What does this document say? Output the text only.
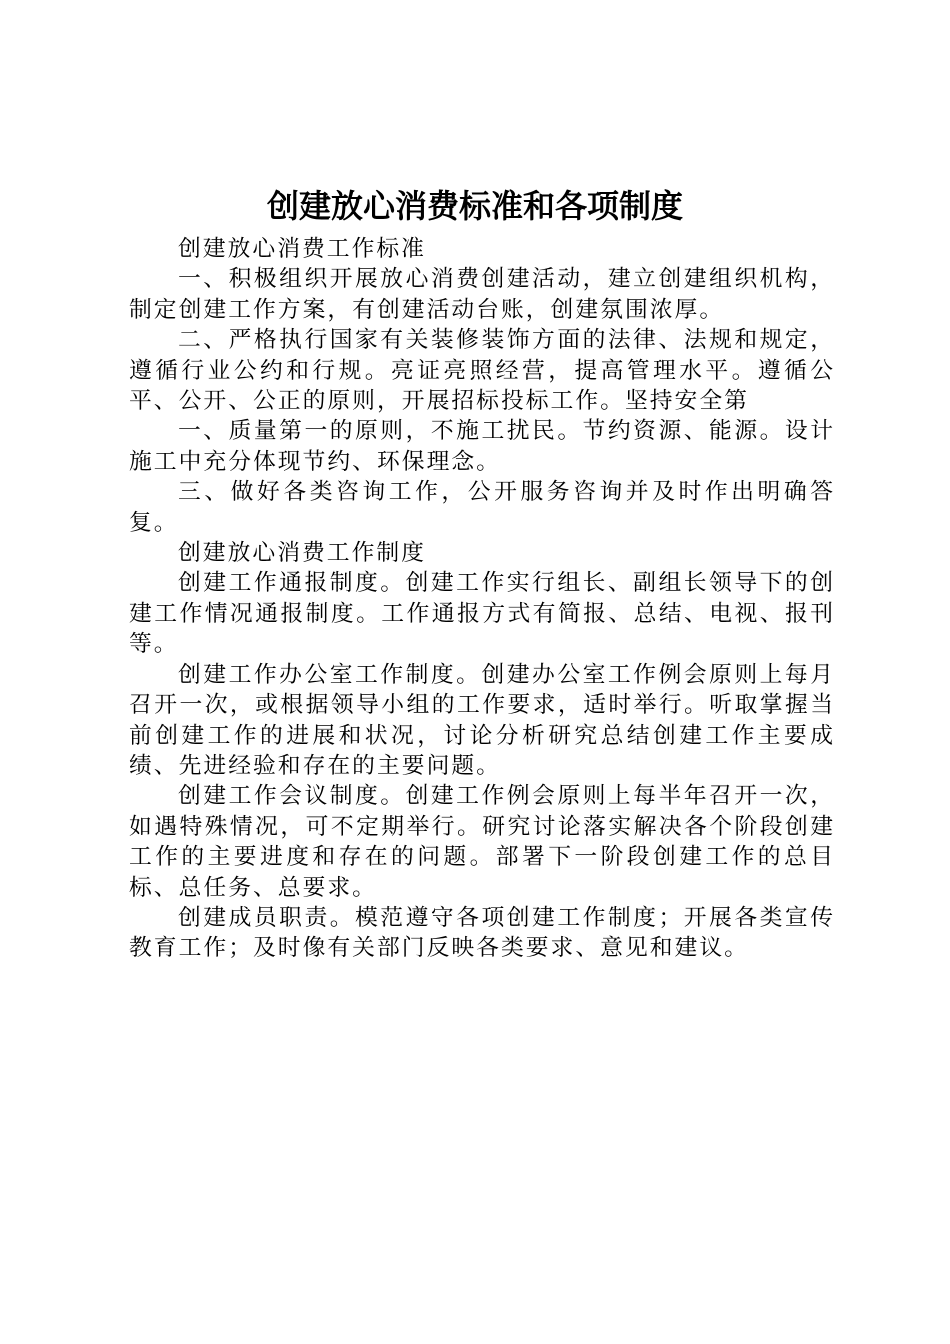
创建放心消费标准和各项制度

创建放心消费工作标准

一、积极组织开展放心消费创建活动，建立创建组织机构，制定创建工作方案，有创建活动台账，创建氛围浓厚。

二、严格执行国家有关装修装饰方面的法律、法规和规定，遵循行业公约和行规。亮证亮照经营，提高管理水平。遵循公平、公开、公正的原则，开展招标投标工作。坚持安全第

一、质量第一的原则，不施工扰民。节约资源、能源。设计施工中充分体现节约、环保理念。

三、做好各类咨询工作，公开服务咨询并及时作出明确答复。

创建放心消费工作制度

创建工作通报制度。创建工作实行组长、副组长领导下的创建工作情况通报制度。工作通报方式有简报、总结、电视、报刊等。

创建工作办公室工作制度。创建办公室工作例会原则上每月召开一次，或根据领导小组的工作要求，适时举行。听取掌握当前创建工作的进展和状况，讨论分析研究总结创建工作主要成绩、先进经验和存在的主要问题。

创建工作会议制度。创建工作例会原则上每半年召开一次，如遇特殊情况，可不定期举行。研究讨论落实解决各个阶段创建工作的主要进度和存在的问题。部署下一阶段创建工作的总目标、总任务、总要求。

创建成员职责。模范遵守各项创建工作制度；开展各类宣传教育工作；及时像有关部门反映各类要求、意见和建议。
